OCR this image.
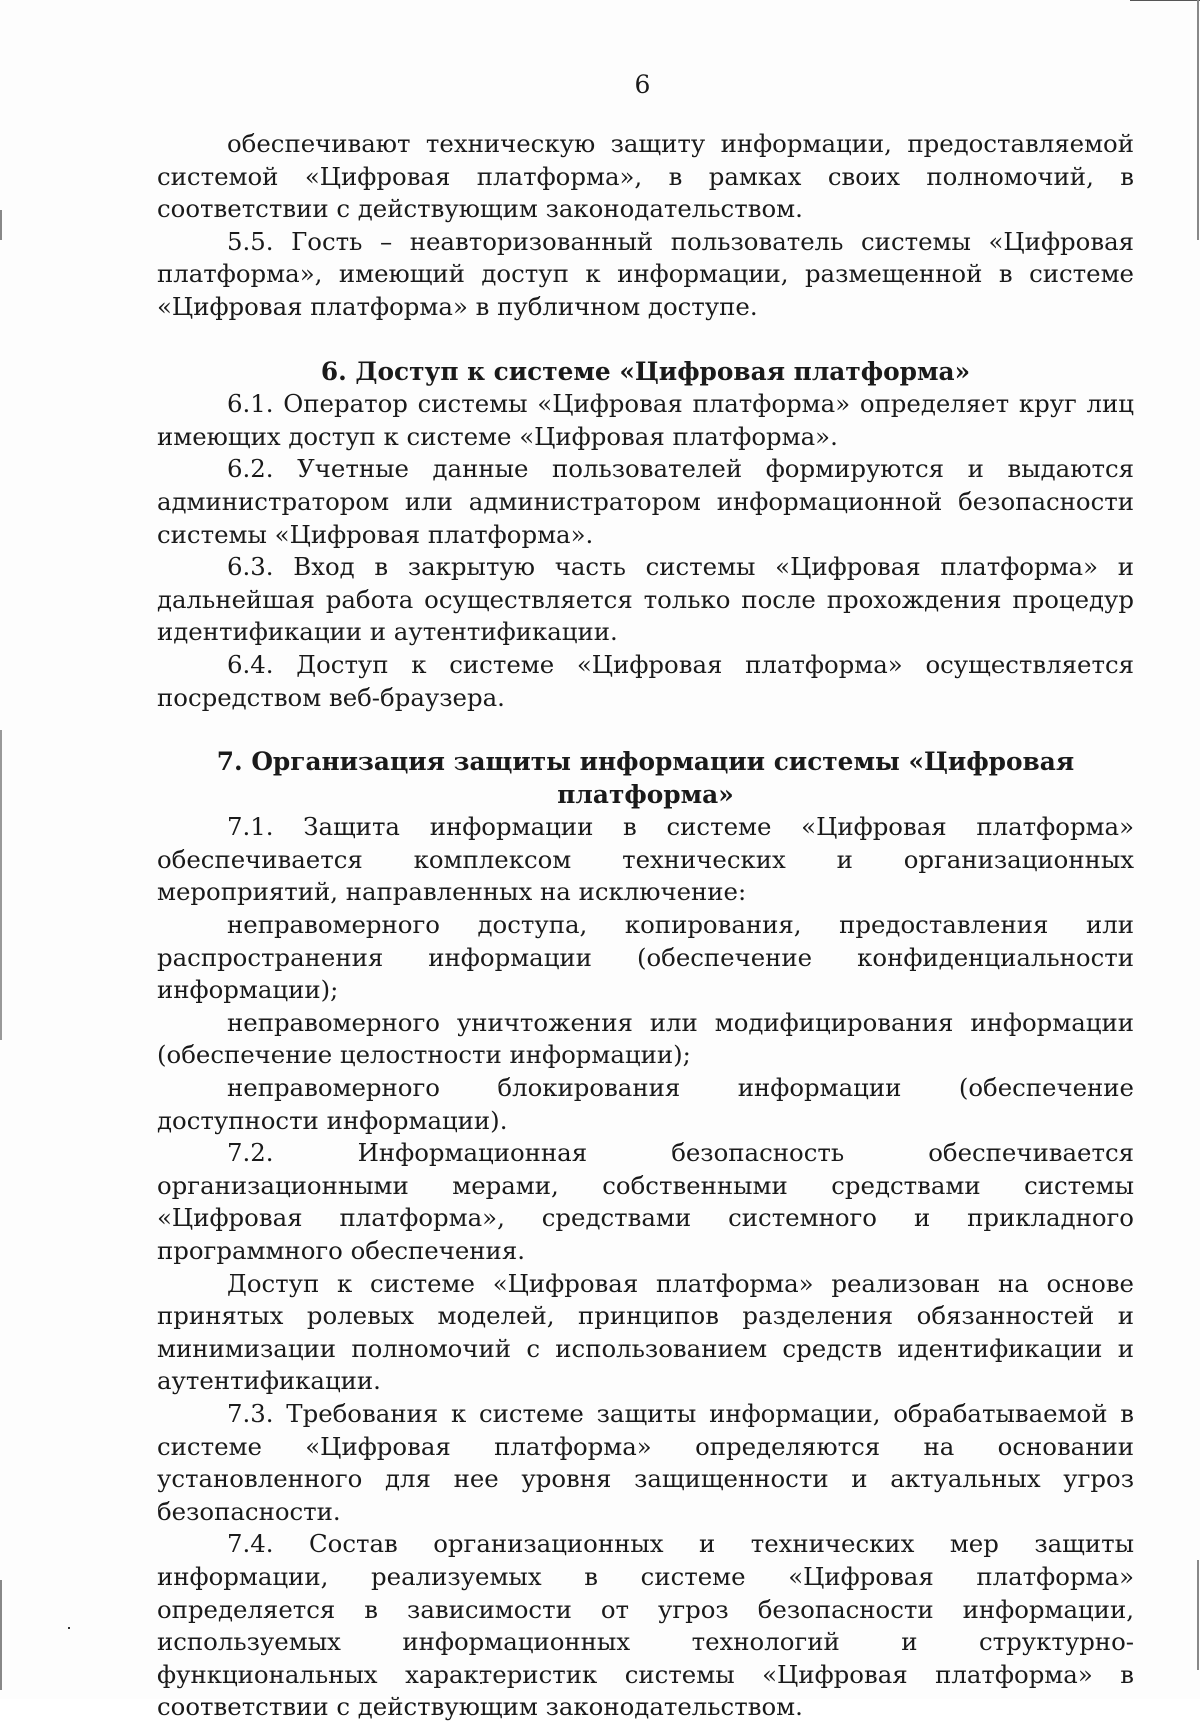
6

обеспечивают техническую защиту информации, предоставляемой системой «Цифровая платформа», в рамках своих полномочий, в соответствии с действующим законодательством.

5.5. Гость – неавторизованный пользователь системы «Цифровая платформа», имеющий доступ к информации, размещенной в системе «Цифровая платформа» в публичном доступе.

6. Доступ к системе «Цифровая платформа»

6.1. Оператор системы «Цифровая платформа» определяет круг лиц имеющих доступ к системе «Цифровая платформа».

6.2. Учетные данные пользователей формируются и выдаются администратором или администратором информационной безопасности системы «Цифровая платформа».

6.3. Вход в закрытую часть системы «Цифровая платформа» и дальнейшая работа осуществляется только после прохождения процедур идентификации и аутентификации.

6.4. Доступ к системе «Цифровая платформа» осуществляется посредством веб-браузера.

7. Организация защиты информации системы «Цифровая платформа»

7.1. Защита информации в системе «Цифровая платформа» обеспечивается комплексом технических и организационных мероприятий, направленных на исключение:

неправомерного доступа, копирования, предоставления или распространения информации (обеспечение конфиденциальности информации);

неправомерного уничтожения или модифицирования информации (обеспечение целостности информации);

неправомерного блокирования информации (обеспечение доступности информации).

7.2. Информационная безопасность обеспечивается организационными мерами, собственными средствами системы «Цифровая платформа», средствами системного и прикладного программного обеспечения.

Доступ к системе «Цифровая платформа» реализован на основе принятых ролевых моделей, принципов разделения обязанностей и минимизации полномочий с использованием средств идентификации и аутентификации.

7.3. Требования к системе защиты информации, обрабатываемой в системе «Цифровая платформа» определяются на основании установленного для нее уровня защищенности и актуальных угроз безопасности.

7.4. Состав организационных и технических мер защиты информации, реализуемых в системе «Цифровая платформа» определяется в зависимости от угроз безопасности информации, используемых информационных технологий и структурно-функциональных характеристик системы «Цифровая платформа» в соответствии с действующим законодательством.
